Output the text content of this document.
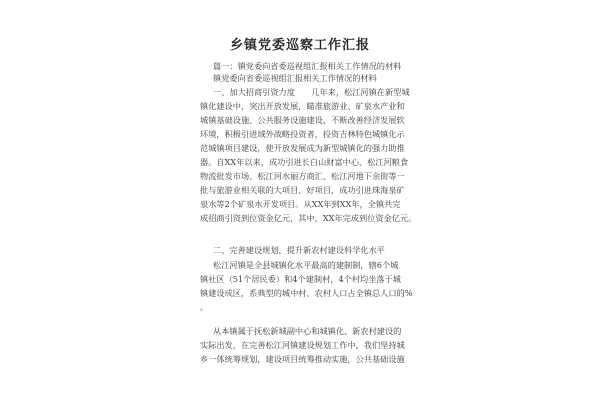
乡镇党委巡察工作汇报
篇一：镇党委向省委巡视组汇报相关工作情况的材料
镇党委向省委巡视组汇报相关工作情况的材料
一、加大招商引资力度　　几年来，松江河镇在新型城
镇化建设中，突出开放发展，瞄准旅游业、矿泉水产业和
城镇基础设施、公共服务设施建设，不断改善经济发展软
环境，积极引进域外战略投资者，投资吉林特色城镇化示
范城镇项目建设，使开放发展成为新型城镇化的强力助推
器。自XX年以来，成功引进长白山财富中心、松江河粮食
物流批发市场、松江河水丽方商汇、松江河地下余街等一
批与旅游业相关联的大项目、好项目，成功引进珠海泉矿
泉水等2个矿泉水开发项目。从XX年到XX年，全镇共完
成招商引资到位资金亿元，其中，XX年完成到位资金亿元。
二、完善建设规划，提升新农村建设科学化水平
松江河镇是全县城镇化水平最高的建制制，辖6个城
镇社区（51个居民委）和4个建制村，4个村均坐落于城
镇建设成区，系典型的城中村，农村人口占全镇总人口的%
。
从本镇属于抚松新城副中心和城镇化、新农村建设的
实际出发，在完善松江河镇建设规划工作中，我们坚持城
乡一体统筹规划，建设项目统筹推动实施，公共基础设施
